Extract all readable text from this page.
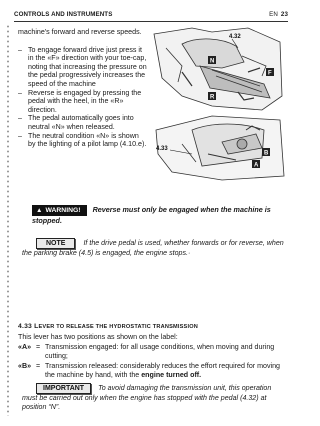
CONTROLS AND INSTRUMENTS	EN 23

machine's forward and reverse speeds.

– To engage forward drive just press it in the «F» direction with your toe-cap, noting that increasing the pressure on the pedal progressively increases the speed of the machine
– Reverse is engaged by pressing the pedal with the heel, in the «R» direction.
– The pedal automatically goes into neutral «N» when released.
– The neutral condition «N» is shown by the lighting of a pilot lamp (4.10.e).
4.32
N
F
R
4.33
B
A
▲ WARNING! Reverse must only be engaged when the machine is stopped.
NOTE	If the drive pedal is used, whether forwards or for reverse, when the parking brake (4.5) is engaged, the engine stops.·
4.33 LEVER TO RELEASE THE HYDROSTATIC TRANSMISSION
This lever has two positions as shown on the label:
«A» = Transmission engaged: for all usage conditions, when moving and during cutting;
«B» = Transmission released: considerably reduces the effort required for moving the machine by hand, with the engine turned off.
IMPORTANT To avoid damaging the transmission unit, this operation must be carried out only when the engine has stopped with the pedal (4.32) at position “N”.
